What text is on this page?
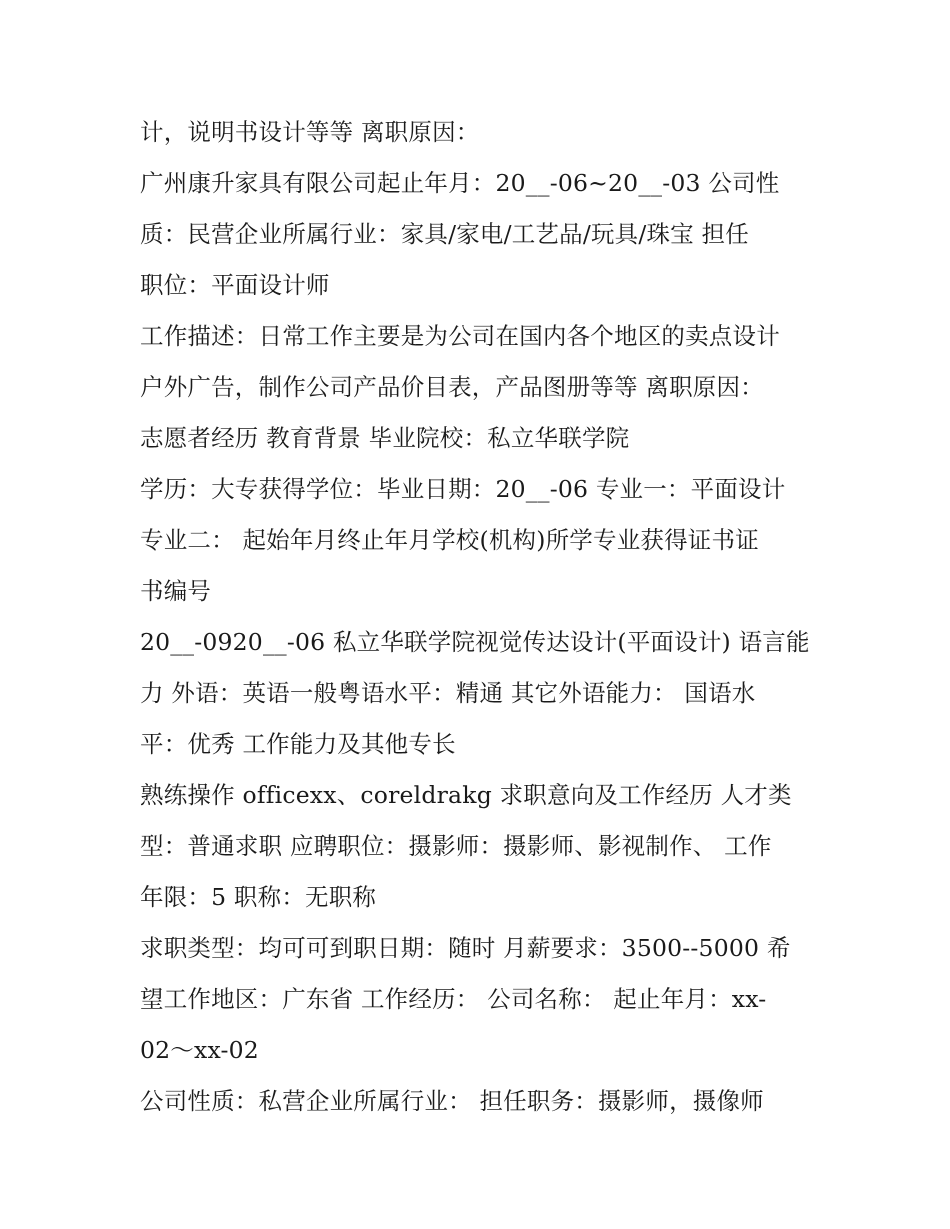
计，说明书设计等等 离职原因：
广州康升家具有限公司起止年月：20__-06~20__-03 公司性
质：民营企业所属行业：家具/家电/工艺品/玩具/珠宝 担任
职位：平面设计师
工作描述：日常工作主要是为公司在国内各个地区的卖点设计
户外广告，制作公司产品价目表，产品图册等等 离职原因：
志愿者经历 教育背景 毕业院校：私立华联学院
学历：大专获得学位：毕业日期：20__-06 专业一：平面设计
专业二： 起始年月终止年月学校(机构)所学专业获得证书证
书编号
20__-0920__-06 私立华联学院视觉传达设计(平面设计) 语言能
力 外语：英语一般粤语水平：精通 其它外语能力： 国语水
平：优秀 工作能力及其他专长
熟练操作 officexx、coreldrakg 求职意向及工作经历 人才类
型：普通求职 应聘职位：摄影师：摄影师、影视制作、 工作
年限：5 职称：无职称
求职类型：均可可到职日期：随时 月薪要求：3500--5000 希
望工作地区：广东省 工作经历： 公司名称： 起止年月：xx-
02～xx-02
公司性质：私营企业所属行业： 担任职务：摄影师，摄像师
